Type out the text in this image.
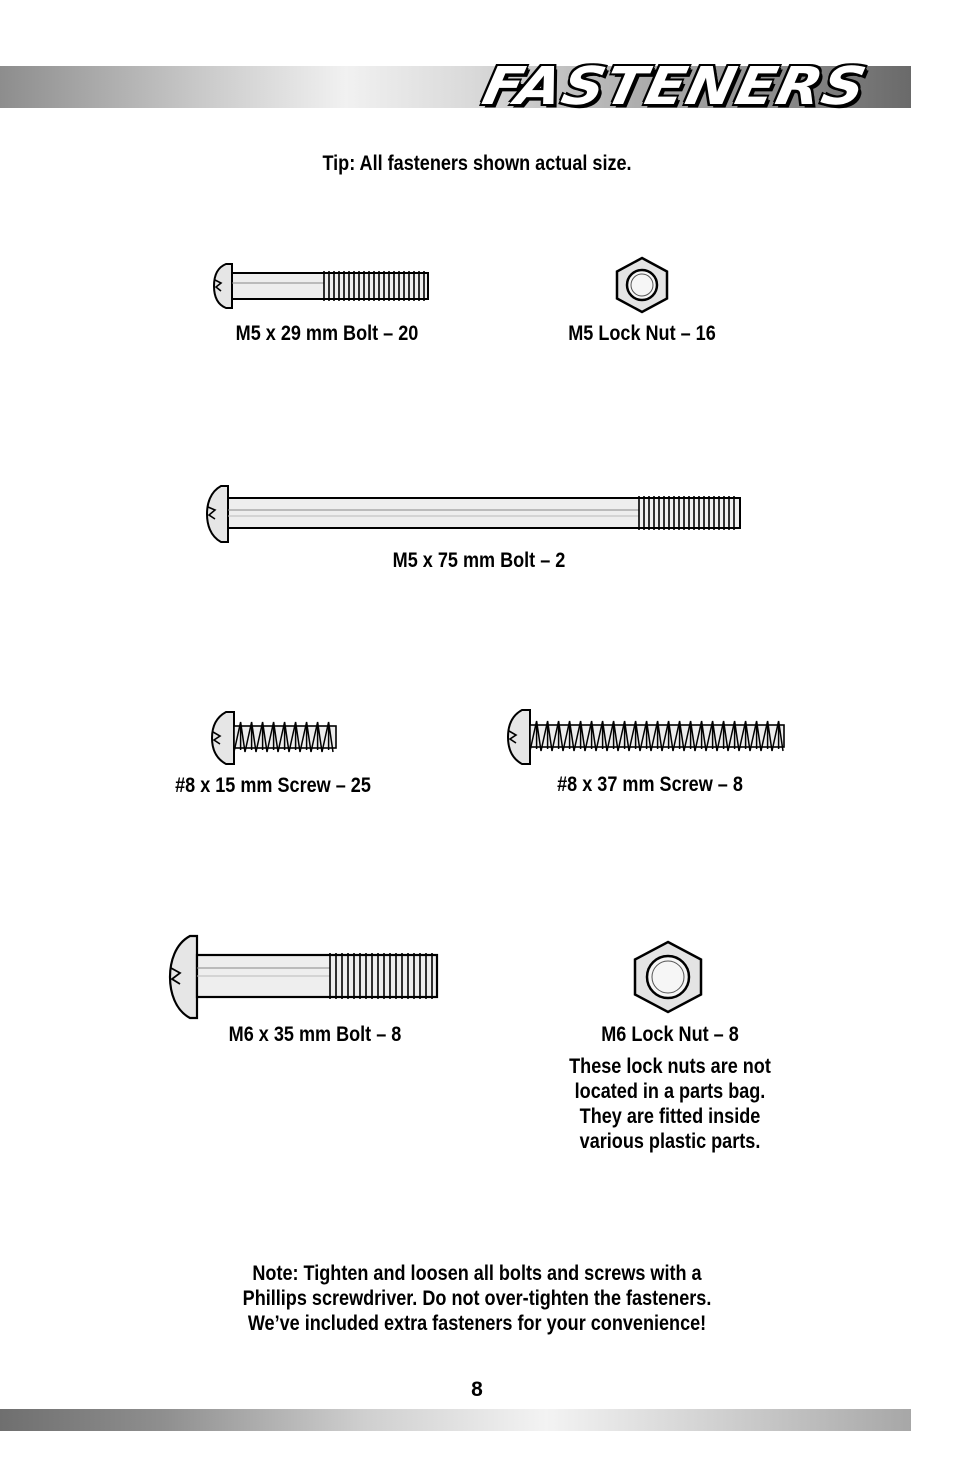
FASTENERS
Tip: All fasteners shown actual size.
M5 x 29 mm Bolt – 20	M5 Lock Nut – 16
M5 x 75 mm Bolt – 2
#8 x 15 mm Screw – 25	#8 x 37 mm Screw – 8
M6 x 35 mm Bolt – 8	M6 Lock Nut – 8
These lock nuts are not
located in a parts bag.
They are fitted inside
various plastic parts.
Note: Tighten and loosen all bolts and screws with a
Phillips screwdriver. Do not over-tighten the fasteners.
We’ve included extra fasteners for your convenience!
8
